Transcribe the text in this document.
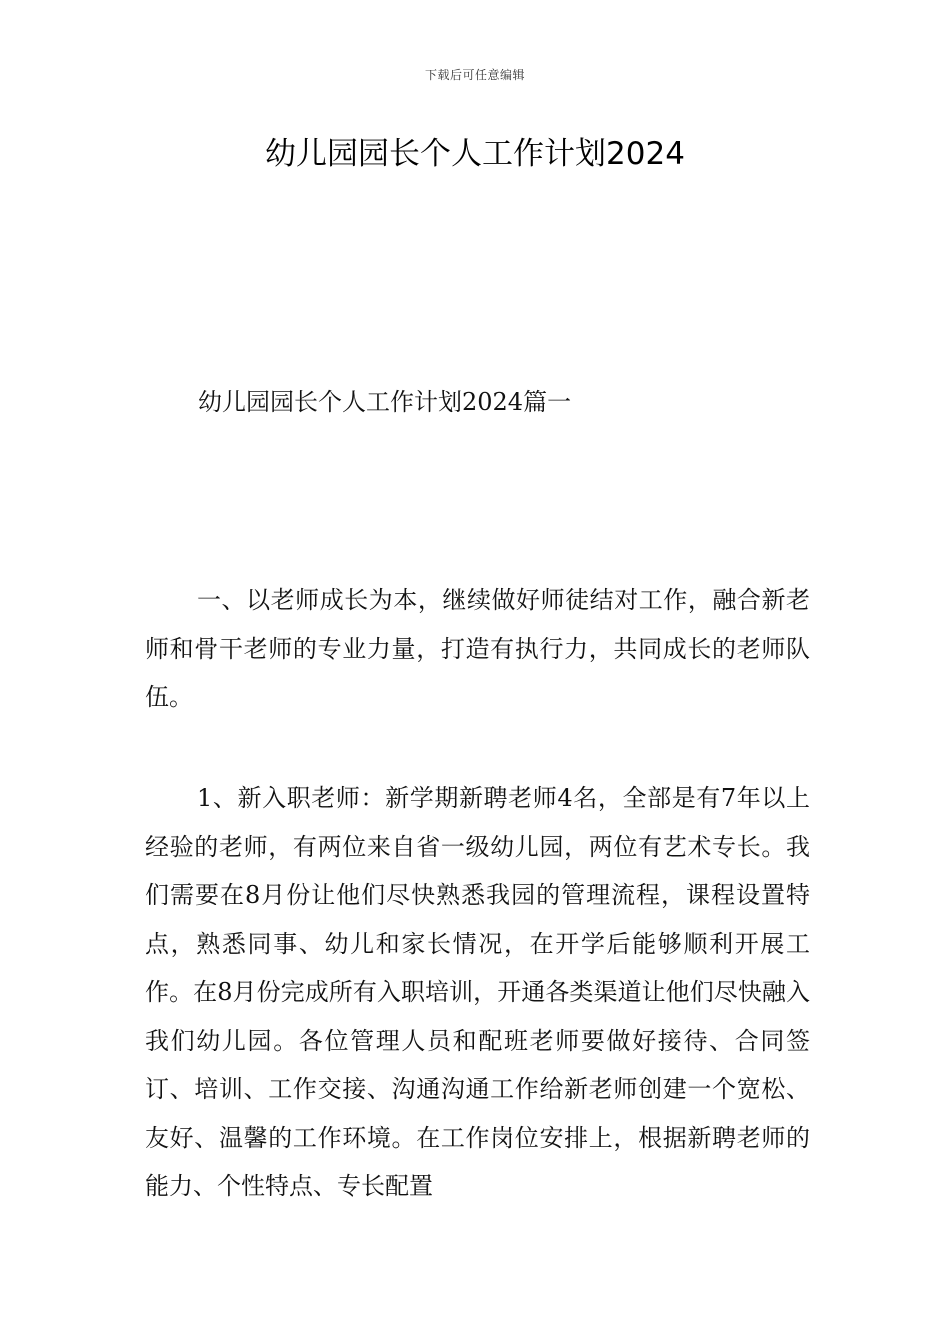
下载后可任意编辑
幼儿园园长个人工作计划2024
幼儿园园长个人工作计划2024篇一

一、以老师成长为本，继续做好师徒结对工作，融合新老师和骨干老师的专业力量，打造有执行力，共同成长的老师队伍。

1、新入职老师：新学期新聘老师4名，全部是有7年以上经验的老师，有两位来自省一级幼儿园，两位有艺术专长。我们需要在8月份让他们尽快熟悉我园的管理流程，课程设置特点，熟悉同事、幼儿和家长情况，在开学后能够顺利开展工作。在8月份完成所有入职培训，开通各类渠道让他们尽快融入我们幼儿园。各位管理人员和配班老师要做好接待、合同签订、培训、工作交接、沟通沟通工作给新老师创建一个宽松、友好、温馨的工作环境。在工作岗位安排上，根据新聘老师的能力、个性特点、专长配置
